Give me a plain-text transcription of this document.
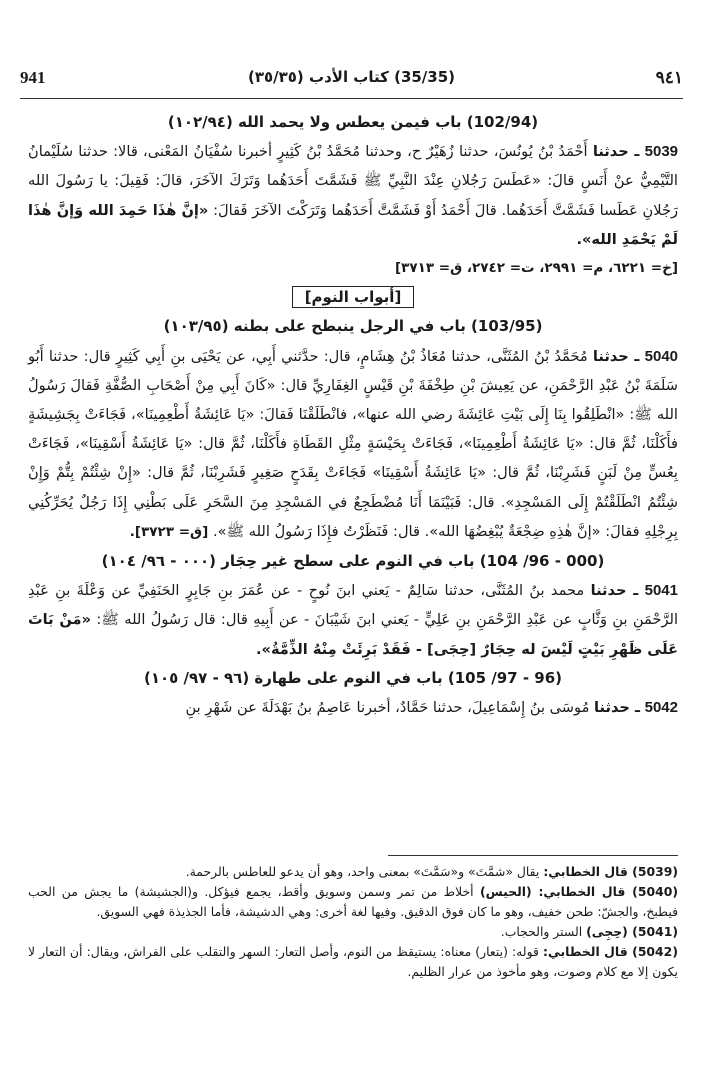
941	(35/35) كتاب الأدب (٣٥/٣٥)	٩٤١

(102/94) باب فيمن يعطس ولا يحمد الله (١٠٢/٩٤)

5039 ـ حدثنا أَحْمَدُ بْنُ يُونُسَ، حدثنا زُهَيْرٌ ح، وحدثنا مُحَمَّدُ بْنُ كَثِيرٍ أخبرنا سُفْيَانُ المَعْنى، قالا: حدثنا سُلَيْمانُ التَّيْمِيُّ عنْ أَنَسٍ قالَ: «عَطَسَ رَجُلانِ عِنْدَ النَّبِيِّ ﷺ فَشَمَّتَ أَحَدَهُما وَتَرَكَ الآخَرَ، قالَ: فَقِيلَ: يا رَسُولَ الله رَجُلانِ عَطَسا فَشَمَّتَّ أَحَدَهُما. قالَ أَحْمَدُ أَوْ فَشَمَّتَّ أَحَدَهُما وَتَرَكْتَ الآخَرَ فَقالَ: «إنَّ هٰذَا حَمِدَ الله وَإنَّ هٰذَا لَمْ يَحْمَدِ الله».

[خ= ٦٢٢١، م= ٢٩٩١، ت= ٢٧٤٢، ق= ٣٧١٣]

[أبواب النوم]

(103/95) باب في الرجل ينبطح على بطنه (١٠٣/٩٥)

5040 ـ حدثنا مُحَمَّدُ بْنُ المُثَنَّى، حدثنا مُعَاذُ بْنُ هِشَامٍ، قال: حدَّثني أَبِي، عن يَحْيَى بنِ أَبِي كَثِيرٍ قال: حدثنا أَبُو سَلَمَةَ بْنُ عَبْدِ الرَّحْمَنِ، عن يَعِيشَ بْنِ طِخْفَةَ بْنِ قَيْسٍ الغِفَارِيِّ قال: «كَانَ أَبِي مِنْ أَصْحَابِ الصُّفَّةِ فَقالَ رَسُولُ الله ﷺ: «انْطَلِقُوا بِنَا إِلَى بَيْتِ عَائِشَةَ رضي الله عنها»، فانْطَلَقْنَا فَقالَ: «يَا عَائِشَةُ أَطْعِمِينَا»، فَجَاءَتْ بِجَشِيشَةٍ فأَكَلْنَا، ثُمَّ قال: «يَا عَائِشَةُ أَطْعِمِينَا»، فَجَاءَتْ بِحَيْسَةٍ مِثْلِ القَطَاةِ فأَكَلْنَا، ثُمَّ قال: «يَا عَائِشَةُ أَسْقِينَا»، فَجَاءَتْ بِعُسٍّ مِنْ لَبَنٍ فَشَرِبْنَا، ثُمَّ قال: «يَا عَائِشَةُ أَسْقِينَا» فَجَاءَتْ بِقَدَحٍ صَغِيرٍ فَشَرِبْنَا، ثُمَّ قال: «إِنْ شِئْتُمْ بِتُّمْ وَإِنْ شِئْتُمُ انْطَلَقْتُمْ إِلَى المَسْجِدِ». قال: فَبَيْنَمَا أَنَا مُضْطَجِعٌ في المَسْجِدِ مِنَ السَّحَرِ عَلَى بَطْنِي إِذَا رَجُلٌ يُحَرِّكُنِي بِرِجْلِهِ فقالَ: «إنَّ هٰذِهِ ضِجْعَةٌ يُبْغِضُهَا الله». قال: فَنَظَرْتُ فإِذَا رَسُولُ الله ﷺ». [ق= ٣٧٢٣].

(000 - 96/ 104) باب في النوم على سطح غير حِجَار (٠٠٠ - ٩٦/ ١٠٤)

5041 ـ حدثنا محمد بنُ المُثَنَّى، حدثنا سَالِمٌ - يَعني ابنَ نُوحٍ - عن عُمَرَ بنِ جَابِرٍ الحَنَفِيِّ عن وَعْلَةَ بنِ عَبْدِ الرَّحْمَنِ بنِ وَثَّابٍ عن عَبْدِ الرَّحْمَنِ بنِ عَلِيٍّ - يَعني ابنَ شَيْبَانَ - عن أَبِيهِ قال: قال رَسُولُ الله ﷺ: «مَنْ بَاتَ عَلَى ظَهْرِ بَيْتٍ لَيْسَ له حِجَارٌ [حِجَى] - فَقَدْ بَرِئَتْ مِنْهُ الذِّمَّةُ».

(96 - 97/ 105) باب في النوم على طهارة (٩٦ - ٩٧/ ١٠٥)

5042 ـ حدثنا مُوسَى بنُ إِسْمَاعِيلَ، حدثنا حَمَّادٌ، أخبرنا عَاصِمُ بنُ بَهْدَلَةَ عن شَهْرِ بنِ

(5039) قال الخطابي: يقال «شمَّتَ» و«سَمَّتَ» بمعنى واحد، وهو أن يدعو للعاطس بالرحمة.

(5040) قال الخطابي: (الحيس) أخلاط من تمر وسمن وسويق وأقط، يجمع فيؤكل. و(الجشيشة) ما يجش من الحب فيطبخ، والجشّ: طحن خفيف، وهو ما كان فوق الدقيق. وفيها لغة أخرى: وهي الدشيشة، فأما الجذيذة فهي السويق.

(5041) (حِجِى) الستر والحجاب.

(5042) قال الخطابي: قوله: (يتعار) معناه: يستيقظ من النوم، وأصل التعار: السهر والتقلب على الفراش، ويقال: أن التعار لا يكون إلا مع كلام وصوت، وهو مأخوذ من عرار الظليم.
